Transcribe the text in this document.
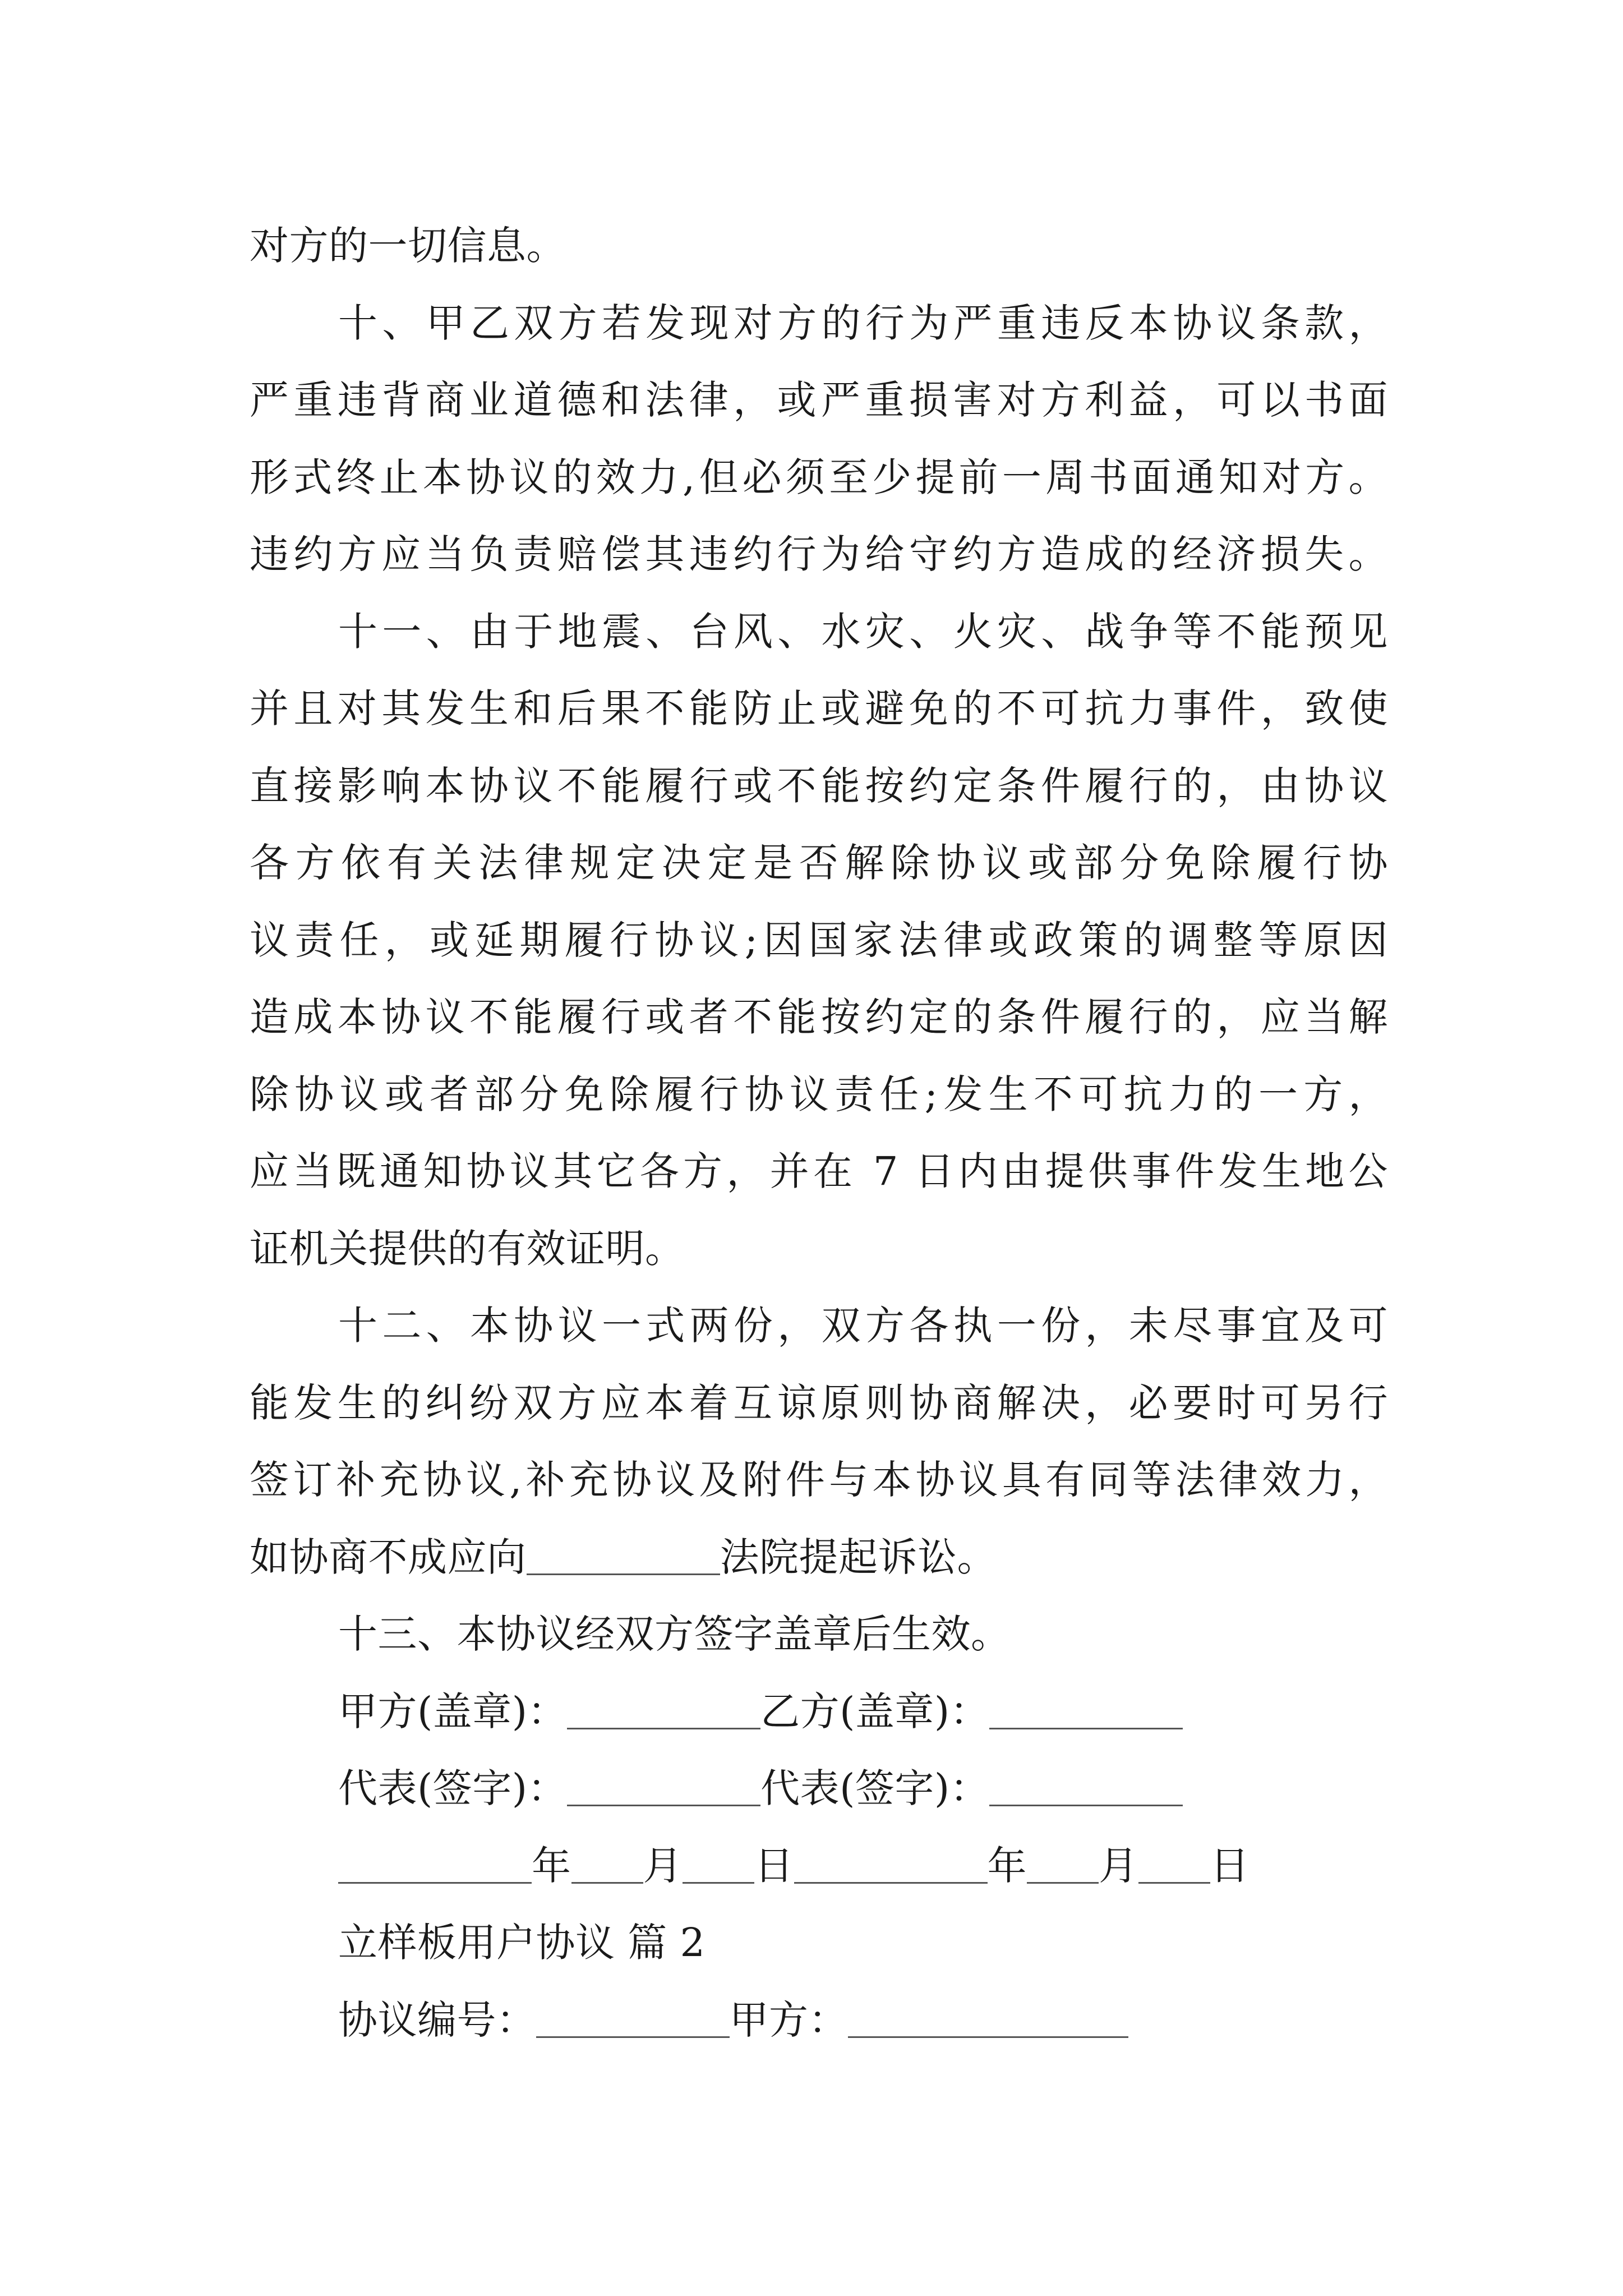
对方的一切信息。
十、甲乙双方若发现对方的行为严重违反本协议条款，
严重违背商业道德和法律，或严重损害对方利益，可以书面
形式终止本协议的效力,但必须至少提前一周书面通知对方。
违约方应当负责赔偿其违约行为给守约方造成的经济损失。
十一、由于地震、台风、水灾、火灾、战争等不能预见
并且对其发生和后果不能防止或避免的不可抗力事件，致使
直接影响本协议不能履行或不能按约定条件履行的，由协议
各方依有关法律规定决定是否解除协议或部分免除履行协
议责任，或延期履行协议;因国家法律或政策的调整等原因
造成本协议不能履行或者不能按约定的条件履行的，应当解
除协议或者部分免除履行协议责任;发生不可抗力的一方，
应当既通知协议其它各方，并在 7 日内由提供事件发生地公
证机关提供的有效证明。
十二、本协议一式两份，双方各执一份，未尽事宜及可
能发生的纠纷双方应本着互谅原则协商解决，必要时可另行
签订补充协议,补充协议及附件与本协议具有同等法律效力，
如协商不成应向	法院提起诉讼。
十三、本协议经双方签字盖章后生效。
甲方(盖章)：	乙方(盖章)：
代表(签字)：	代表(签字)：
年 月 日	年 月 日
立样板用户协议 篇 2
协议编号：	甲方：
